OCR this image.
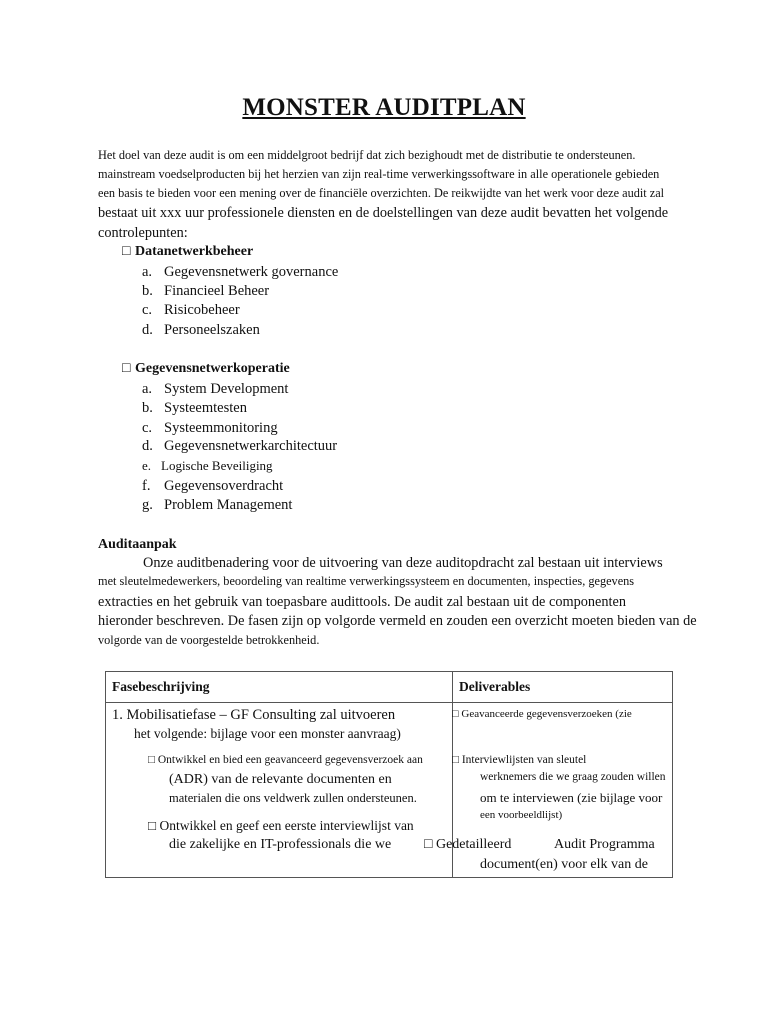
MONSTER AUDITPLAN
Het doel van deze audit is om een middelgroot bedrijf dat zich bezighoudt met de distributie te ondersteunen.
mainstream voedselproducten bij het herzien van zijn real-time verwerkingssoftware in alle operationele gebieden
een basis te bieden voor een mening over de financiële overzichten. De reikwijdte van het werk voor deze audit zal
bestaat uit xxx uur professionele diensten en de doelstellingen van deze audit bevatten het volgende
controlepunten:
□ Datanetwerkbeheer
a. Gegevensnetwerk governance
b. Financieel Beheer
c. Risicobeheer
d. Personeelszaken
□ Gegevensnetwerkoperatie
a. System Development
b. Systeemtesten
c. Systeemmonitoring
d. Gegevensnetwerkarchitectuur
e. Logische Beveiliging
f. Gegevensoverdracht
g. Problem Management
Auditaanpak
Onze auditbenadering voor de uitvoering van deze auditopdracht zal bestaan uit interviews
met sleutelmedewerkers, beoordeling van realtime verwerkingssysteem en documenten, inspecties, gegevens
extracties en het gebruik van toepasbare audittools. De audit zal bestaan uit de componenten
hieronder beschreven. De fasen zijn op volgorde vermeld en zouden een overzicht moeten bieden van de
volgorde van de voorgestelde betrokkenheid.
Fasebeschrijving	Deliverables
1. Mobilisatiefase – GF Consulting zal uitvoeren
het volgende: bijlage voor een monster aanvraag)
□ Ontwikkel en bied een geavanceerd gegevensverzoek aan
(ADR) van de relevante documenten en
materialen die ons veldwerk zullen ondersteunen.
□ Ontwikkel en geef een eerste interviewlijst van
die zakelijke en IT-professionals die we
□ Geavanceerde gegevensverzoeken (zie
□ Interviewlijsten van sleutel
werknemers die we graag zouden willen
om te interviewen (zie bijlage voor
een voorbeeldlijst)
□ Gedetailleerd	Audit Programma
document(en) voor elk van de
